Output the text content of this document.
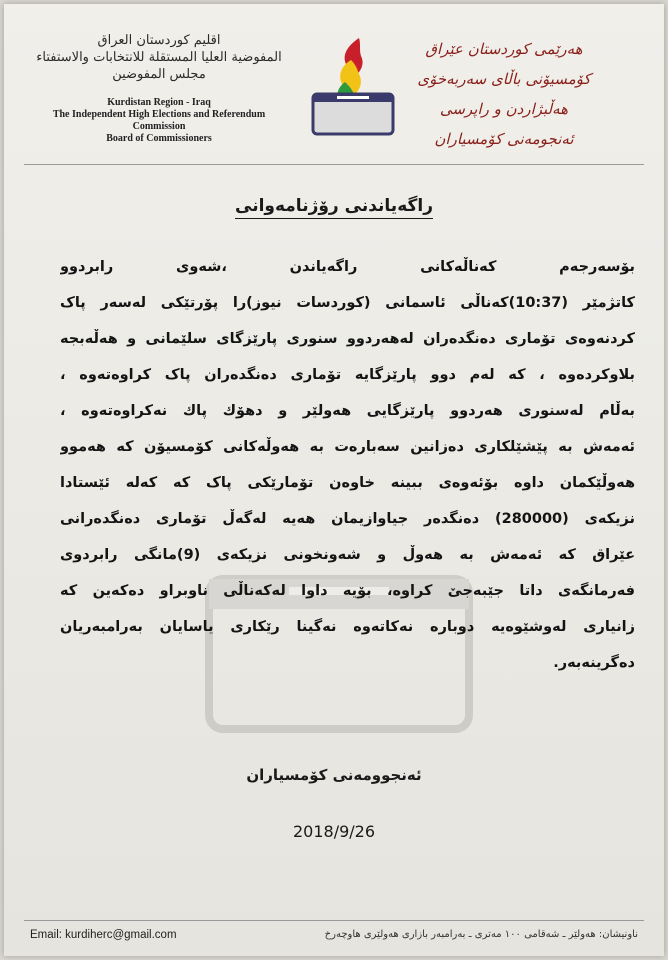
اقليم كوردستان العراق
المفوضية العليا المستقلة للانتخابات والاستفتاء
مجلس المفوضين
Kurdistan Region - Iraq
The Independent High Elections and Referendum Commission
Board of Commissioners
هەرێمی کوردستان عێراق
کۆمسیۆنی باڵای سەربەخۆی هەڵبژاردن و راپرسی
ئەنجومەنی کۆمسیاران
راگەیاندنی رۆژنامەوانی

بۆسەرجەم کەناڵەکانی راگەیاندن ،شەوی رابردوو

کاتژمێر (10:37)کەناڵی ئاسمانی (کوردسات نیوز)را پۆرتێکی لەسەر پاک

کردنەوەی تۆماری دەنگدەران لەهەردوو سنوری پارێزگای سلێمانی و هەڵەبجە

بلاوکردەوە ، کە لەم دوو پارێزگایە تۆماری دەنگدەران پاک کراوەتەوە ،

بەڵام لەسنوری هەردوو پارێزگایی هەولێر و دهۆك پاك نەکراوەتەوە ،

ئەمەش بە پێشێلکاری دەزانین سەبارەت بە هەوڵەکانی کۆمسیۆن کە هەموو

هەوڵێکمان داوە بۆئەوەی ببینە خاوەن تۆمارێکی پاک کە کەلە ئێستادا

نزیکەی (280000) دەنگدەر جیاوازیمان هەیە لەگەڵ تۆماری دەنگدەرانی

عێراق کە ئەمەش بە هەوڵ و شەونخونی نزیکەی (9)مانگی رابردوی

فەرمانگەی داتا جێبەجێ کراوە، بۆیە داوا لەکەناڵی ناوبراو دەکەین کە

زانیاری لەوشێوەیە دوبارە نەکاتەوە نەگینا رێکاری یاسایان بەرامبەریان

دەگرینەبەر.

ئەنجوومەنی کۆمسیاران
2018/9/26
Email: kurdiherc@gmail.com	ناونیشان: هەولێر ـ شەقامی ١٠٠ مەتری ـ بەرامبەر بازاری هەولێری هاوچەرخ
